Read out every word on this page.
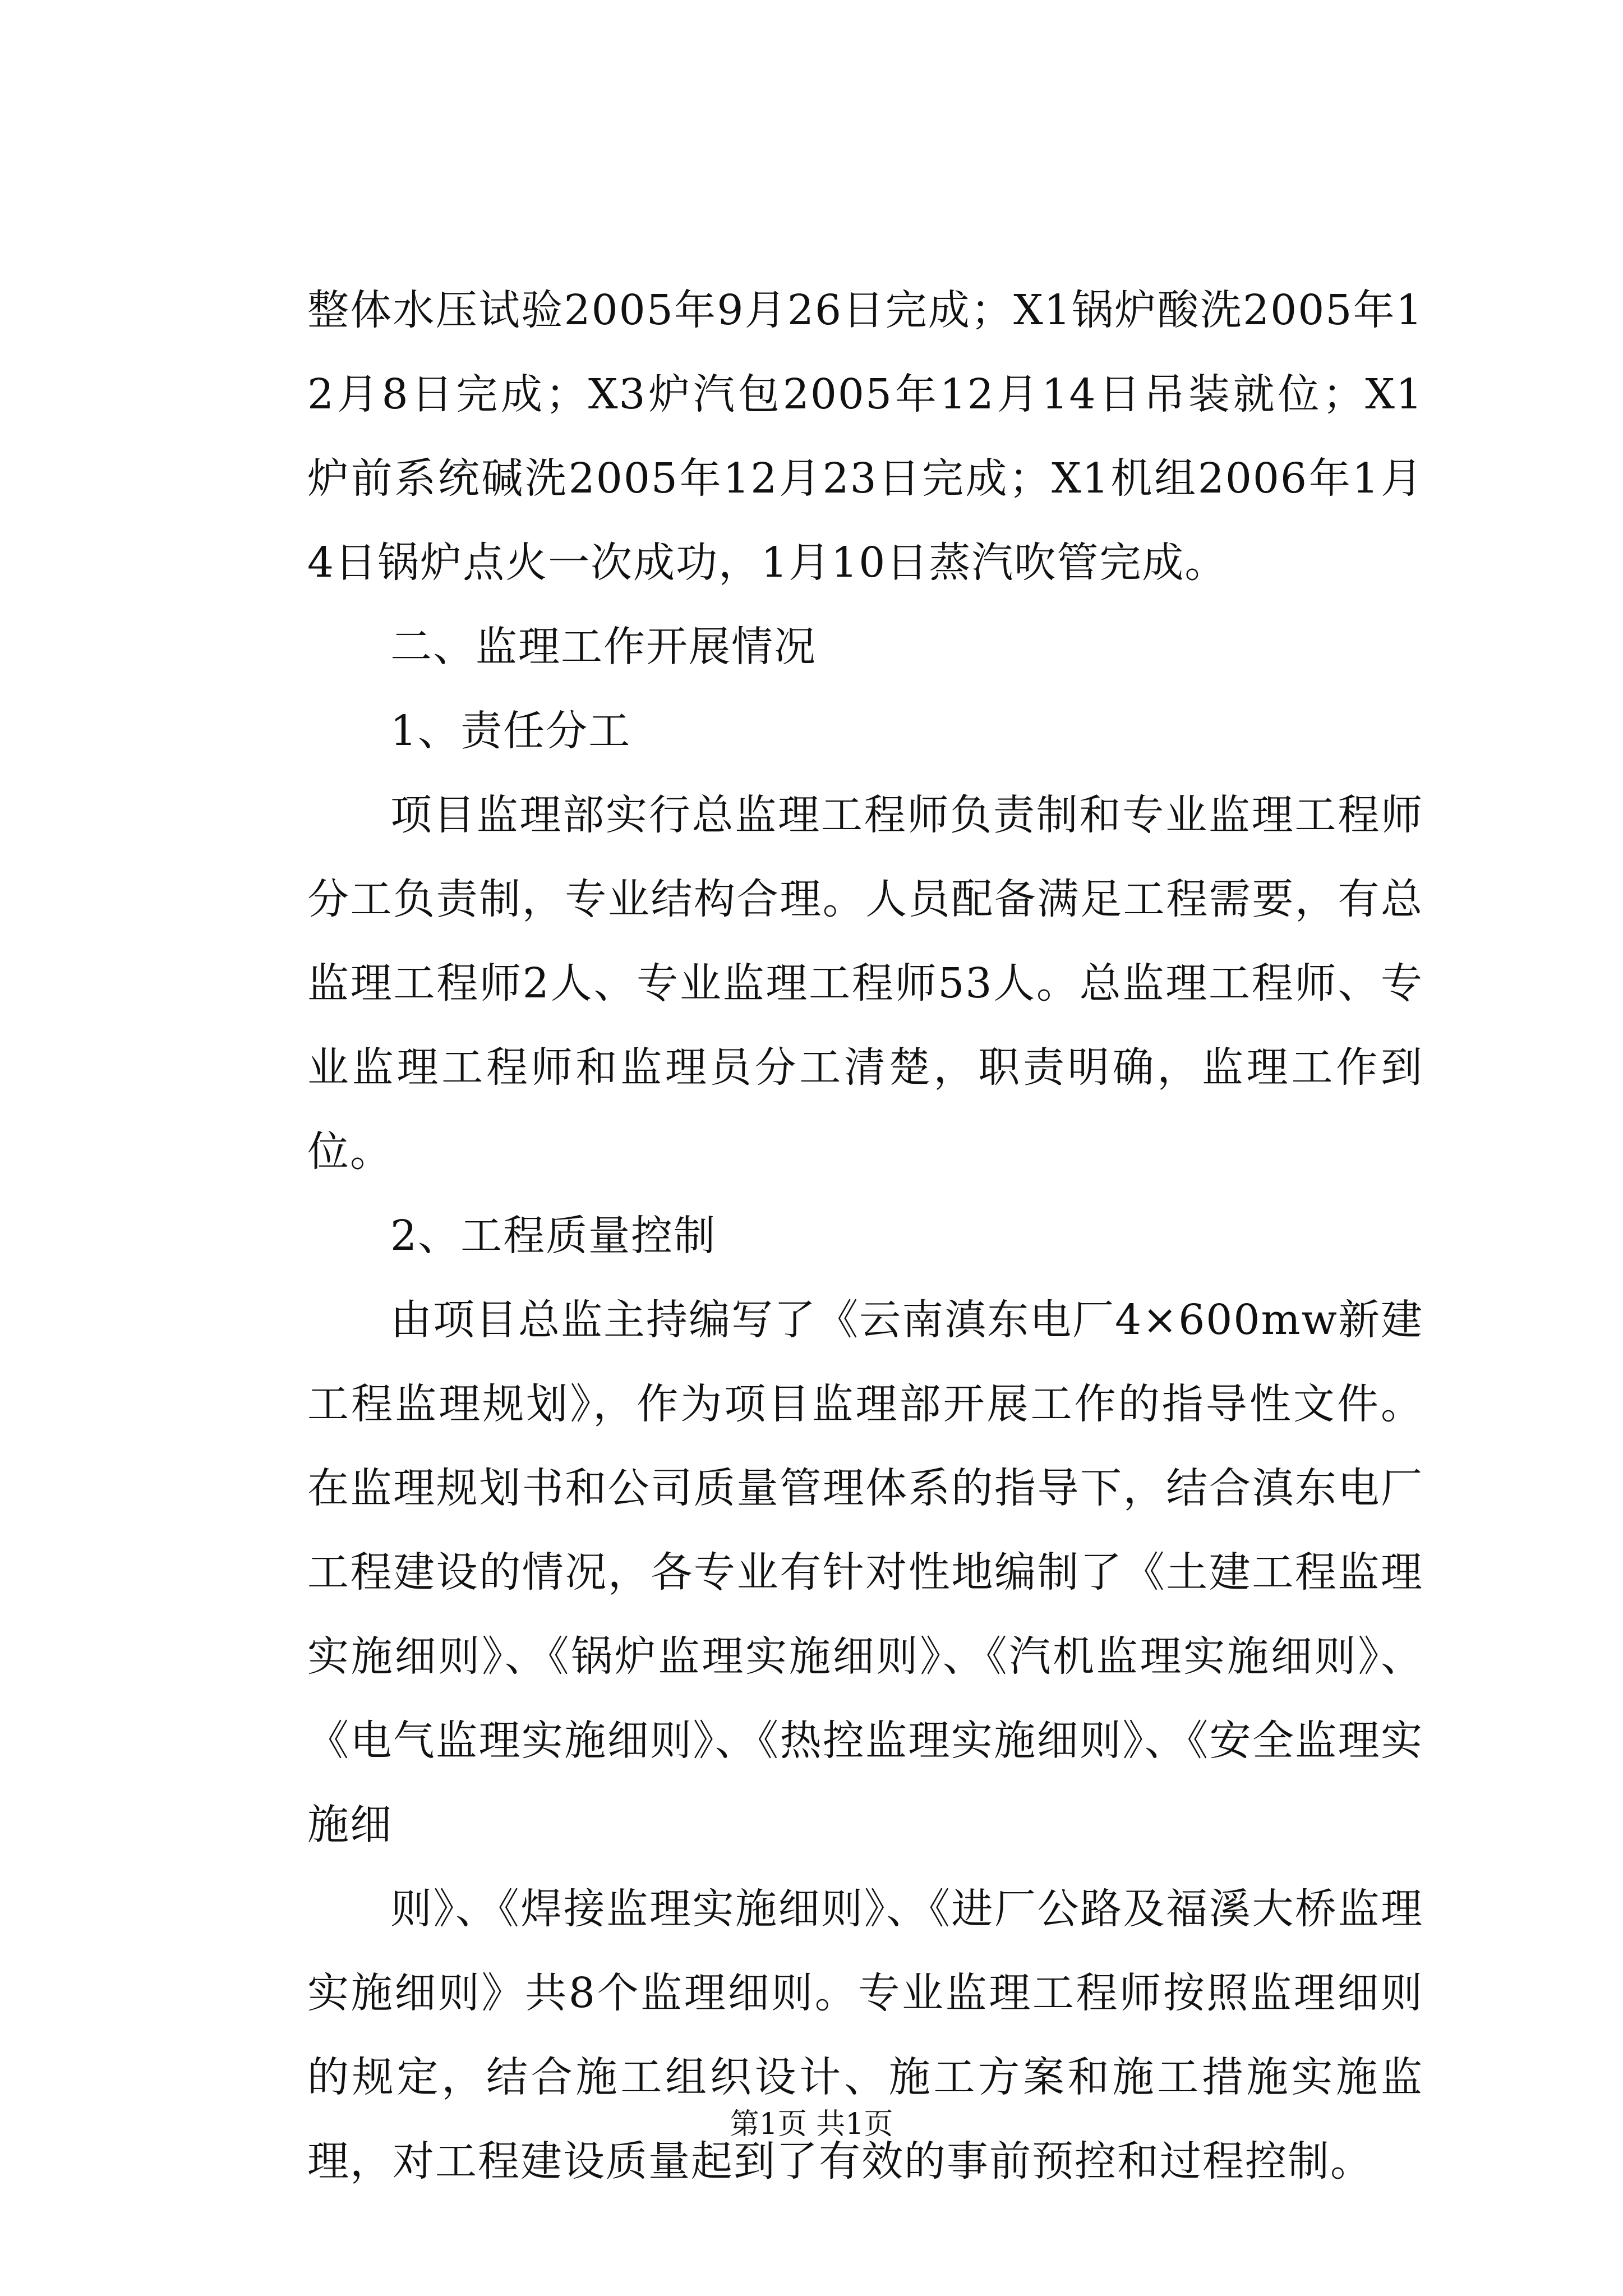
整体水压试验2005年9月26日完成；X1锅炉酸洗2005年12月8日完成；X3炉汽包2005年12月14日吊装就位；X1炉前系统碱洗2005年12月23日完成；X1机组2006年1月4日锅炉点火一次成功，1月10日蒸汽吹管完成。

二、监理工作开展情况

1、责任分工

项目监理部实行总监理工程师负责制和专业监理工程师分工负责制，专业结构合理。人员配备满足工程需要，有总监理工程师2人、专业监理工程师53人。总监理工程师、专业监理工程师和监理员分工清楚，职责明确，监理工作到位。

2、工程质量控制

由项目总监主持编写了《云南滇东电厂4×600mw新建工程监理规划》，作为项目监理部开展工作的指导性文件。在监理规划书和公司质量管理体系的指导下，结合滇东电厂工程建设的情况，各专业有针对性地编制了《土建工程监理实施细则》、《锅炉监理实施细则》、《汽机监理实施细则》、《电气监理实施细则》、《热控监理实施细则》、《安全监理实施细

则》、《焊接监理实施细则》、《进厂公路及福溪大桥监理实施细则》共8个监理细则。专业监理工程师按照监理细则的规定，结合施工组织设计、施工方案和施工措施实施监理，对工程建设质量起到了有效的事前预控和过程控制。

第1页 共1页
